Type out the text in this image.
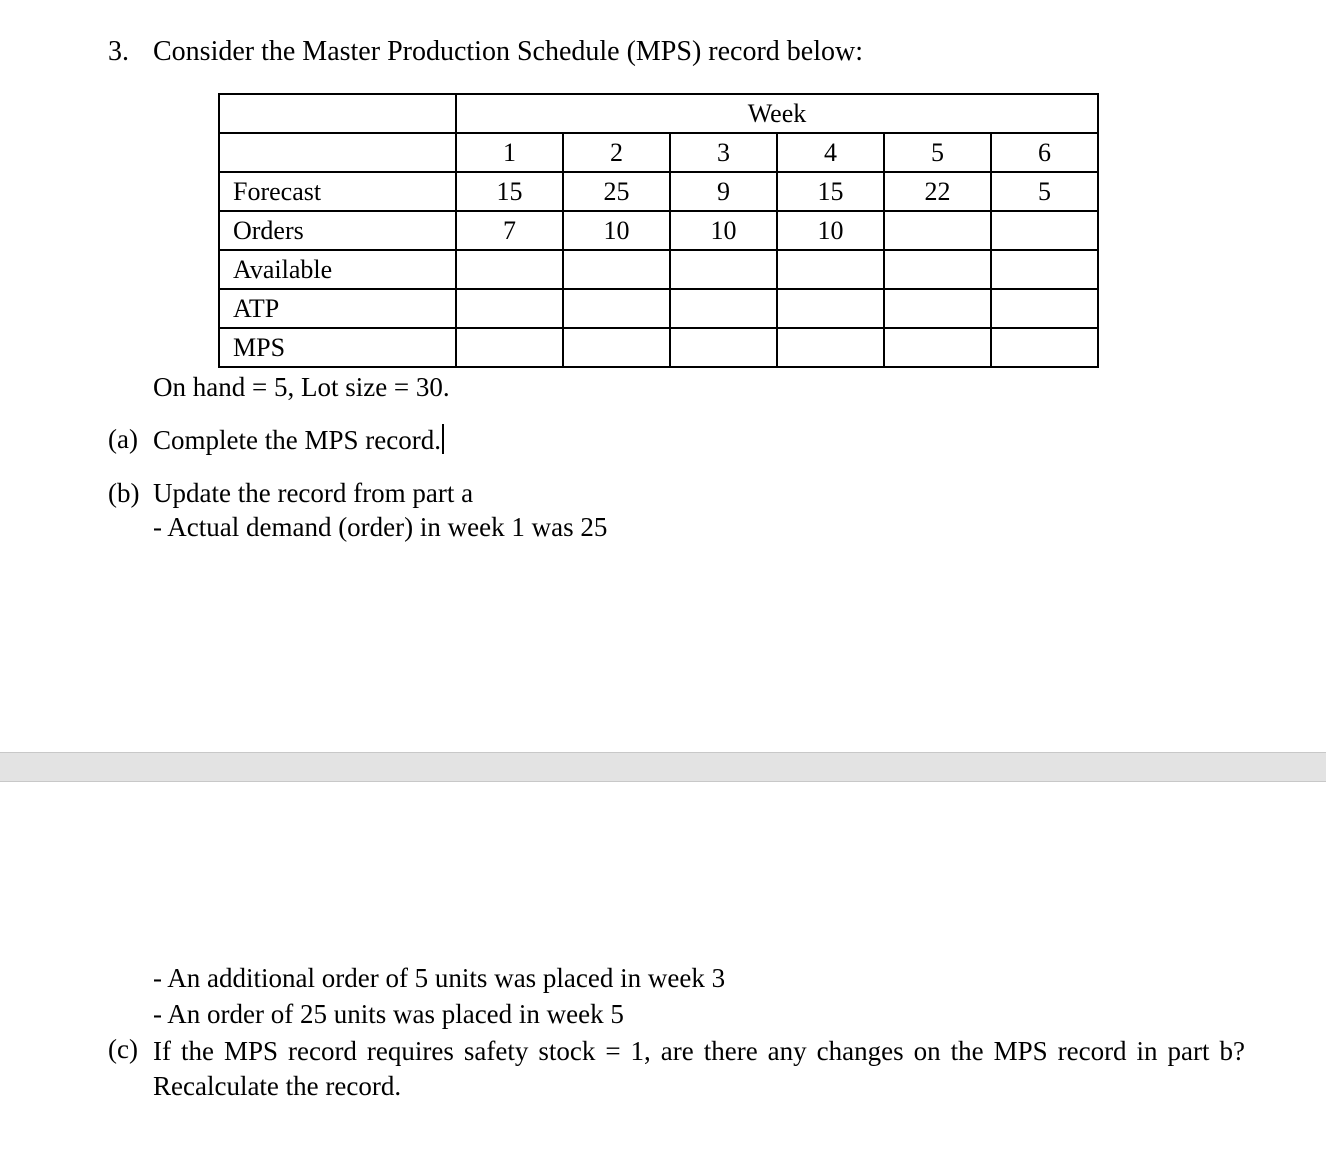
3. Consider the Master Production Schedule (MPS) record below:
	Week					
	1	2	3	4	5	6
Forecast	15	25	9	15	22	5
Orders	7	10	10	10		
Available						
ATP						
MPS						
On hand = 5, Lot size = 30.
(a) Complete the MPS record.
(b) Update the record from part a
- Actual demand (order) in week 1 was 25
- An additional order of 5 units was placed in week 3
- An order of 25 units was placed in week 5
(c) If the MPS record requires safety stock = 1, are there any changes on the MPS record in part b? Recalculate the record.
